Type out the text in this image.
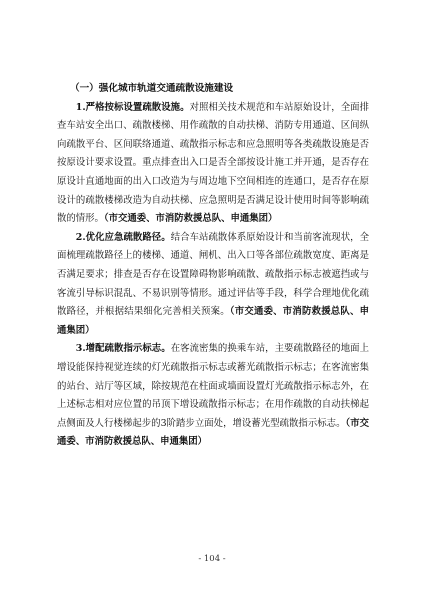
（一）强化城市轨道交通疏散设施建设

1.严格按标设置疏散设施。对照相关技术规范和车站原始设计，全面排查车站安全出口、疏散楼梯、用作疏散的自动扶梯、消防专用通道、区间纵向疏散平台、区间联络通道、疏散指示标志和应急照明等各类疏散设施是否按原设计要求设置。重点排查出入口是否全部按设计施工并开通，是否存在原设计直通地面的出入口改造为与周边地下空间相连的连通口，是否存在原设计的疏散楼梯改造为自动扶梯、应急照明是否满足设计使用时间等影响疏散的情形。（市交通委、市消防救援总队、申通集团）

2.优化应急疏散路径。结合车站疏散体系原始设计和当前客流现状，全面梳理疏散路径上的楼梯、通道、闸机、出入口等各部位疏散宽度、距离是否满足要求；排查是否存在设置障碍物影响疏散、疏散指示标志被遮挡或与客流引导标识混乱、不易识别等情形。通过评估等手段，科学合理地优化疏散路径，并根据结果细化完善相关预案。（市交通委、市消防救援总队、申通集团）

3.增配疏散指示标志。在客流密集的换乘车站，主要疏散路径的地面上增设能保持视觉连续的灯光疏散指示标志或蓄光疏散指示标志；在客流密集的站台、站厅等区域，除按规范在柱面或墙面设置灯光疏散指示标志外，在上述标志相对应位置的吊顶下增设疏散指示标志；在用作疏散的自动扶梯起点侧面及人行楼梯起步的3阶踏步立面处，增设蓄光型疏散指示标志。（市交通委、市消防救援总队、申通集团）

- 104 -
